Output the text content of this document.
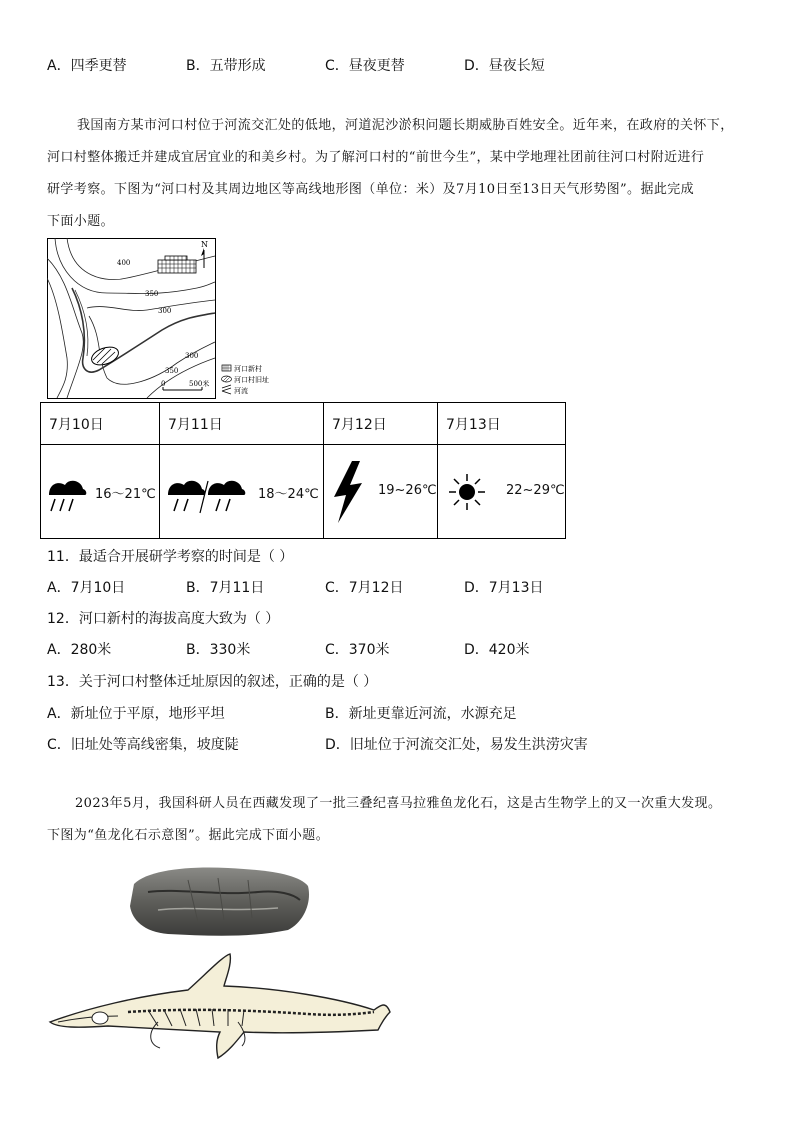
A．四季更替	B．五带形成	C．昼夜更替	D．昼夜长短
我国南方某市河口村位于河流交汇处的低地，河道泥沙淤积问题长期威胁百姓安全。近年来，在政府的关怀下，
河口村整体搬迁并建成宜居宜业的和美乡村。为了解河口村的“前世今生”，某中学地理社团前往河口村附近进行
研学考察。下图为“河口村及其周边地区等高线地形图（单位：米）及7月10日至13日天气形势图”。据此完成
下面小题。
N
400
350
300
300
350
0	500米
河口新村
河口村旧址
河流
7月10日	7月11日	7月12日	7月13日

16～21℃	18～24℃	19~26℃	22~29℃
11．最适合开展研学考察的时间是（ ）
A．7月10日	B．7月11日	C．7月12日	D．7月13日
12．河口新村的海拔高度大致为（ ）
A．280米	B．330米	C．370米	D．420米
13．关于河口村整体迁址原因的叙述，正确的是（ ）
A．新址位于平原，地形平坦	B．新址更靠近河流，水源充足
C．旧址处等高线密集，坡度陡	D．旧址位于河流交汇处，易发生洪涝灾害
2023年5月，我国科研人员在西藏发现了一批三叠纪喜马拉雅鱼龙化石，这是古生物学上的又一次重大发现。
下图为“鱼龙化石示意图”。据此完成下面小题。
